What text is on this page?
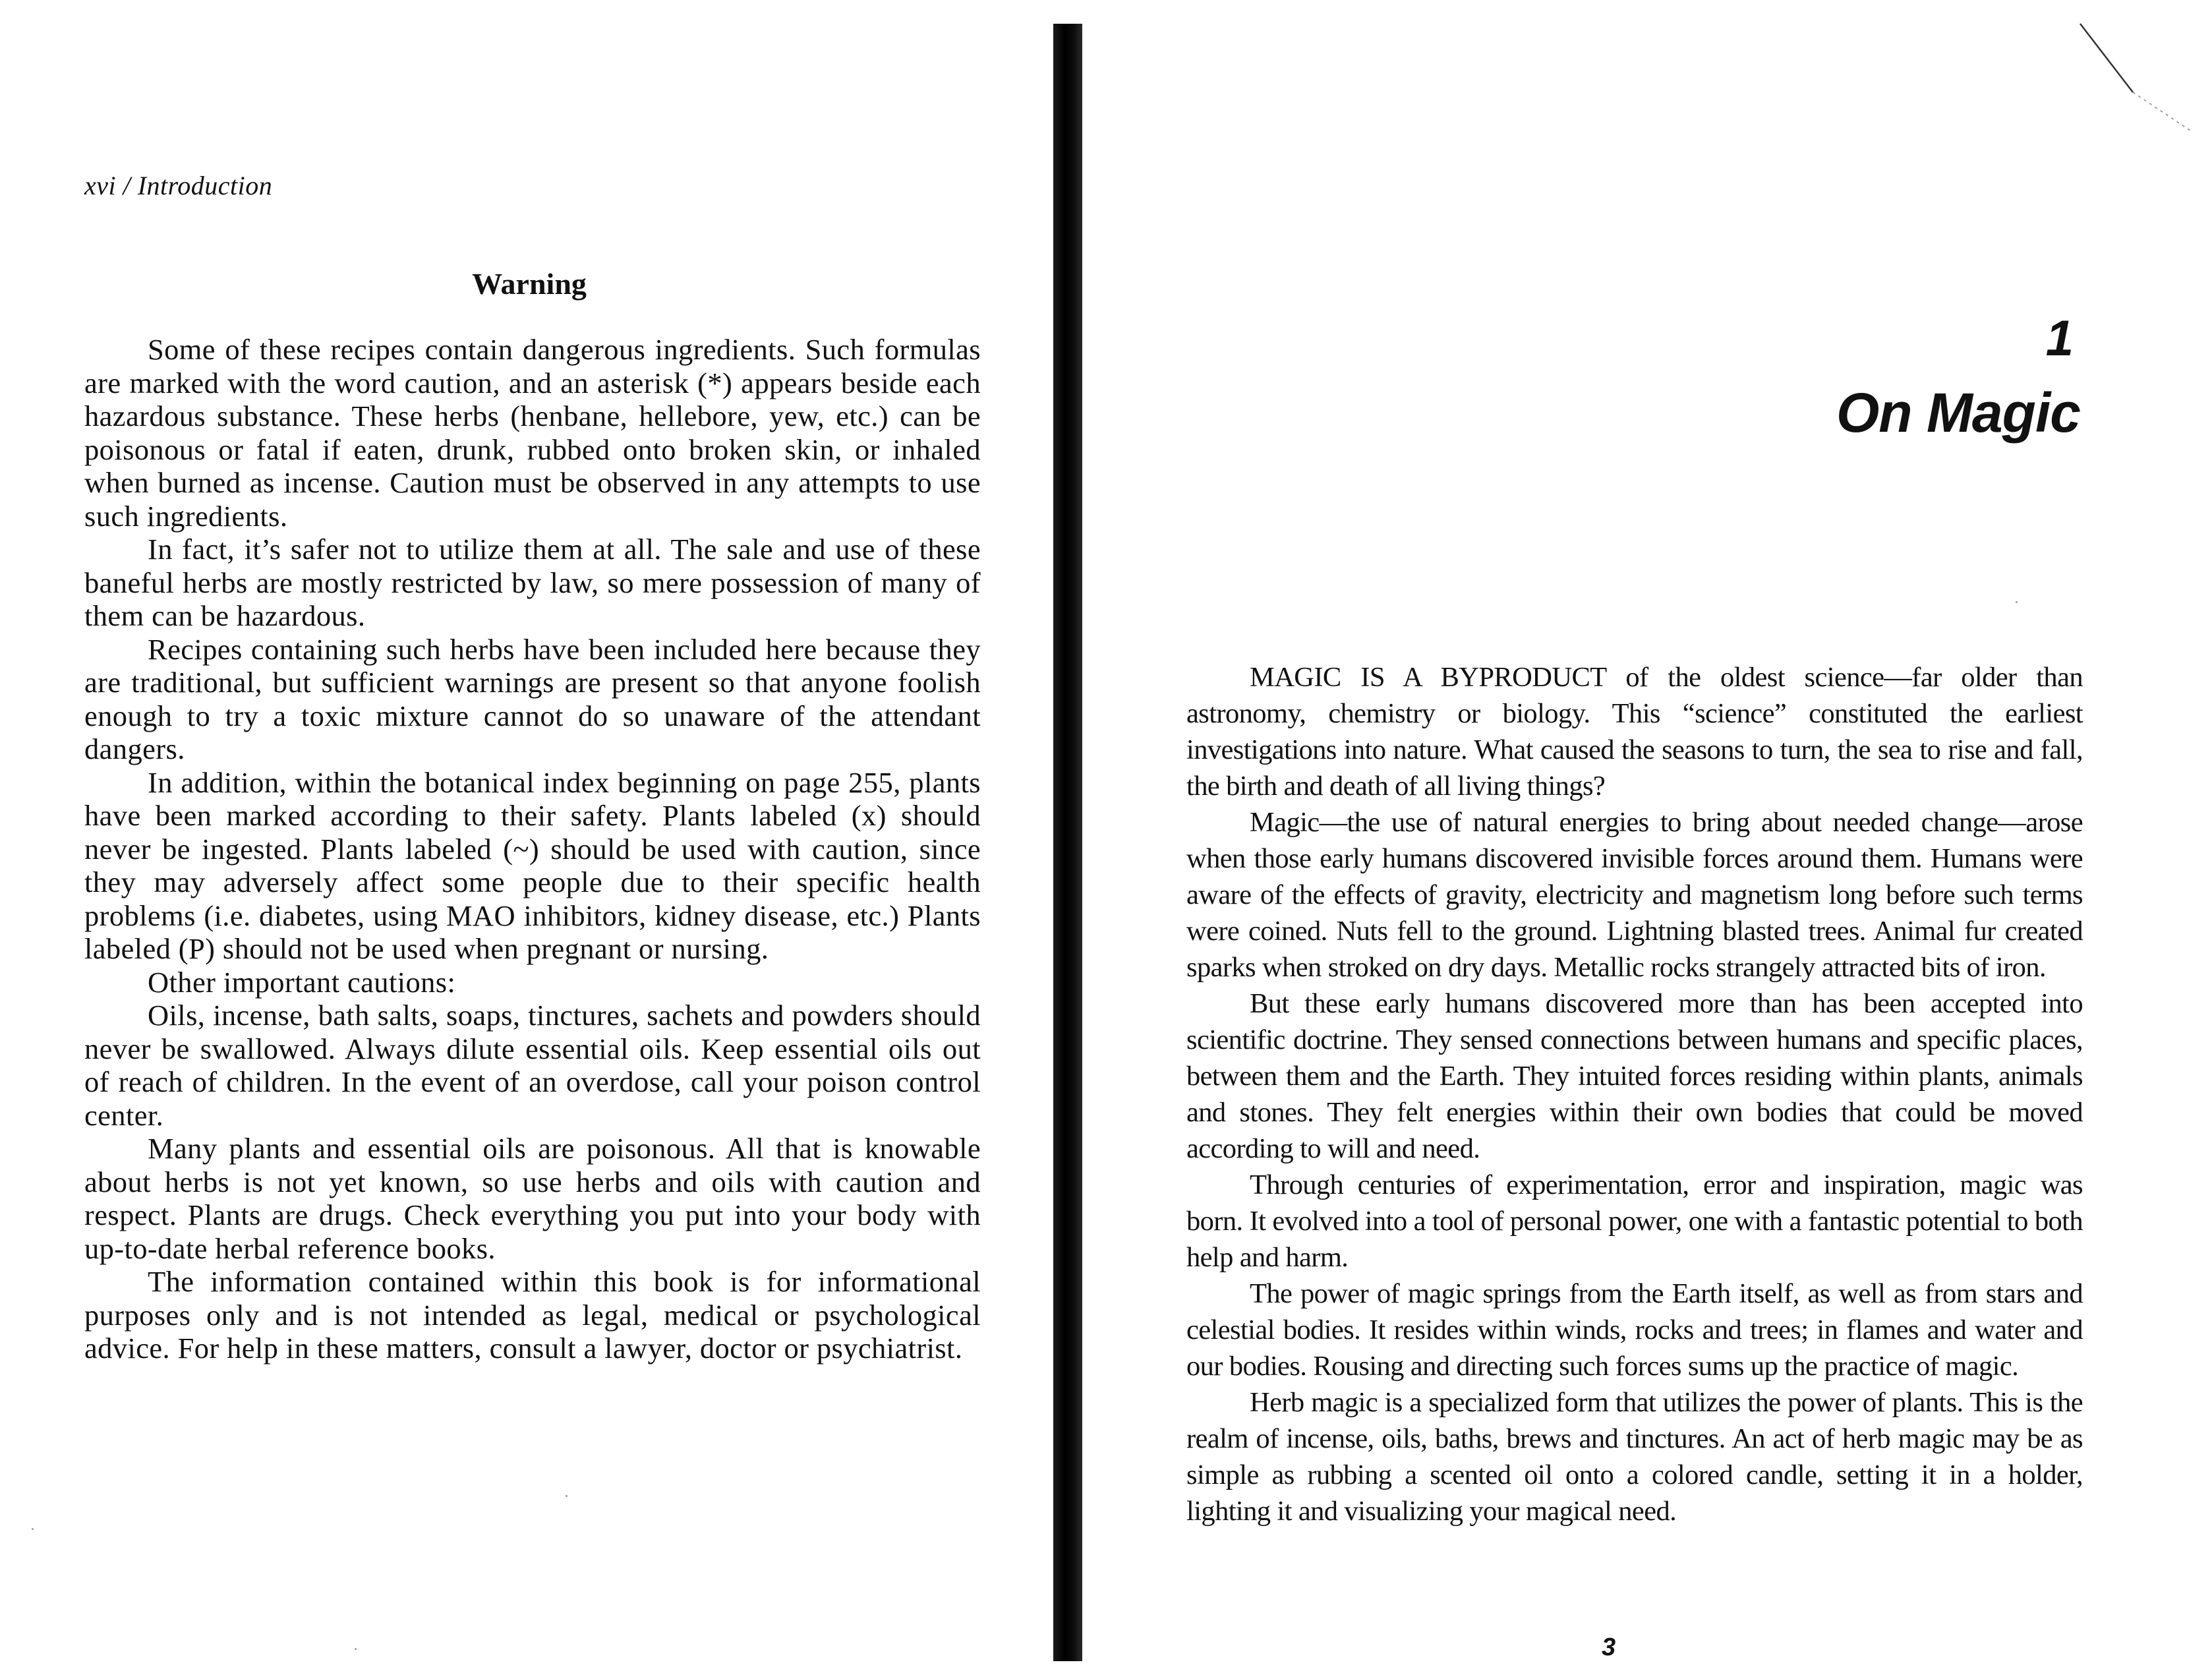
xvi / Introduction
Warning

Some of these recipes contain dangerous ingredients. Such formulas are marked with the word caution, and an asterisk (*) appears beside each hazardous substance. These herbs (henbane, hellebore, yew, etc.) can be poisonous or fatal if eaten, drunk, rubbed onto broken skin, or inhaled when burned as incense. Caution must be observed in any attempts to use such ingredients.

In fact, it’s safer not to utilize them at all. The sale and use of these baneful herbs are mostly restricted by law, so mere possession of many of them can be hazardous.

Recipes containing such herbs have been included here because they are traditional, but sufficient warnings are present so that anyone foolish enough to try a toxic mixture cannot do so unaware of the attendant dangers.

In addition, within the botanical index beginning on page 255, plants have been marked according to their safety. Plants labeled (x) should never be ingested. Plants labeled (~) should be used with caution, since they may adversely affect some people due to their specific health problems (i.e. diabetes, using MAO inhibitors, kidney disease, etc.) Plants labeled (P) should not be used when pregnant or nursing.

Other important cautions:

Oils, incense, bath salts, soaps, tinctures, sachets and powders should never be swallowed. Always dilute essential oils. Keep essential oils out of reach of children. In the event of an overdose, call your poison control center.

Many plants and essential oils are poisonous. All that is knowable about herbs is not yet known, so use herbs and oils with caution and respect. Plants are drugs. Check everything you put into your body with up-to-date herbal reference books.

The information contained within this book is for informational purposes only and is not intended as legal, medical or psychological advice. For help in these matters, consult a lawyer, doctor or psychiatrist.

1
On Magic

MAGIC IS A BYPRODUCT of the oldest science—far older than astronomy, chemistry or biology. This “science” constituted the earliest investigations into nature. What caused the seasons to turn, the sea to rise and fall, the birth and death of all living things?

Magic—the use of natural energies to bring about needed change—arose when those early humans discovered invisible forces around them. Humans were aware of the effects of gravity, electricity and magnetism long before such terms were coined. Nuts fell to the ground. Lightning blasted trees. Animal fur created sparks when stroked on dry days. Metallic rocks strangely attracted bits of iron.

But these early humans discovered more than has been accepted into scientific doctrine. They sensed connections between humans and specific places, between them and the Earth. They intuited forces residing within plants, animals and stones. They felt energies within their own bodies that could be moved according to will and need.

Through centuries of experimentation, error and inspiration, magic was born. It evolved into a tool of personal power, one with a fantastic potential to both help and harm.

The power of magic springs from the Earth itself, as well as from stars and celestial bodies. It resides within winds, rocks and trees; in flames and water and our bodies. Rousing and directing such forces sums up the practice of magic.

Herb magic is a specialized form that utilizes the power of plants. This is the realm of incense, oils, baths, brews and tinctures. An act of herb magic may be as simple as rubbing a scented oil onto a colored candle, setting it in a holder, lighting it and visualizing your magical need.

3
